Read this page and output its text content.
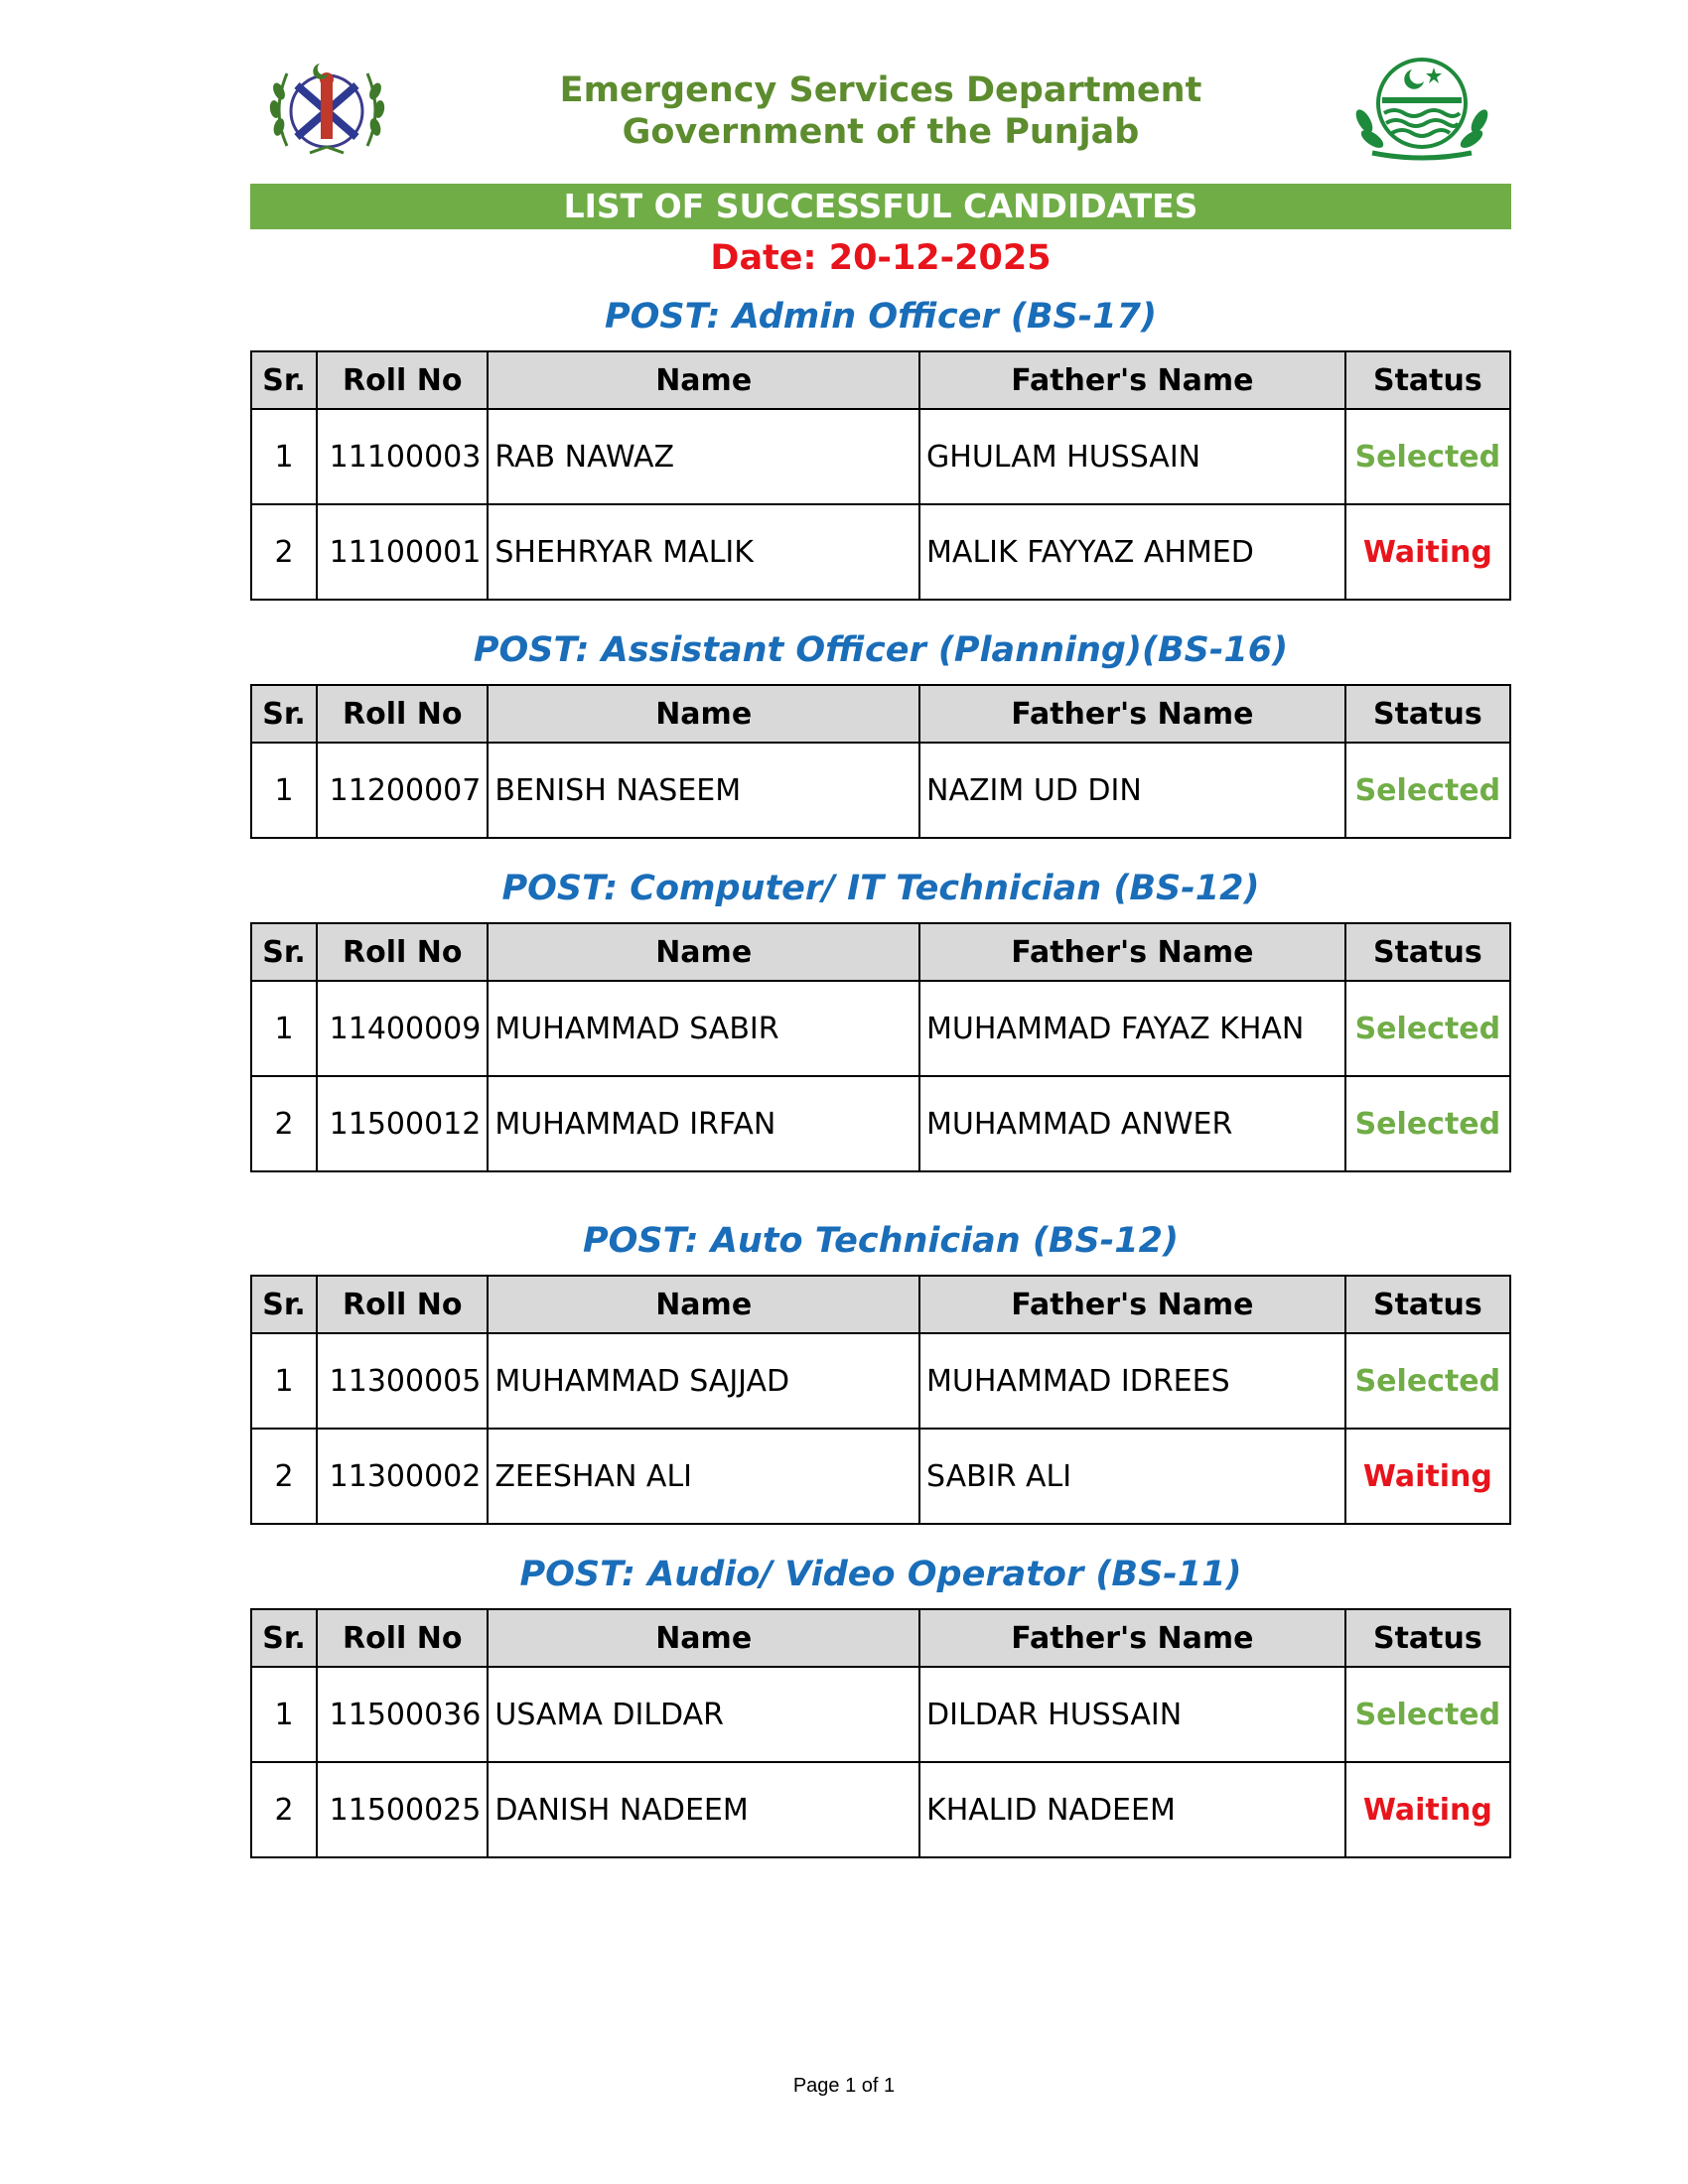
Emergency Services Department
Government of the Punjab
LIST OF SUCCESSFUL CANDIDATES
Date: 20-12-2025
POST: Admin Officer (BS-17)
Sr.	Roll No	Name	Father's Name	Status
1	11100003	RAB NAWAZ	GHULAM HUSSAIN	Selected
2	11100001	SHEHRYAR MALIK	MALIK FAYYAZ AHMED	Waiting
POST: Assistant Officer (Planning)(BS-16)
Sr.	Roll No	Name	Father's Name	Status
1	11200007	BENISH NASEEM	NAZIM UD DIN	Selected
POST: Computer/ IT Technician (BS-12)
Sr.	Roll No	Name	Father's Name	Status
1	11400009	MUHAMMAD SABIR	MUHAMMAD FAYAZ KHAN	Selected
2	11500012	MUHAMMAD IRFAN	MUHAMMAD ANWER	Selected
POST: Auto Technician (BS-12)
Sr.	Roll No	Name	Father's Name	Status
1	11300005	MUHAMMAD SAJJAD	MUHAMMAD IDREES	Selected
2	11300002	ZEESHAN ALI	SABIR ALI	Waiting
POST: Audio/ Video Operator (BS-11)
Sr.	Roll No	Name	Father's Name	Status
1	11500036	USAMA DILDAR	DILDAR HUSSAIN	Selected
2	11500025	DANISH NADEEM	KHALID NADEEM	Waiting
Page 1 of 1
